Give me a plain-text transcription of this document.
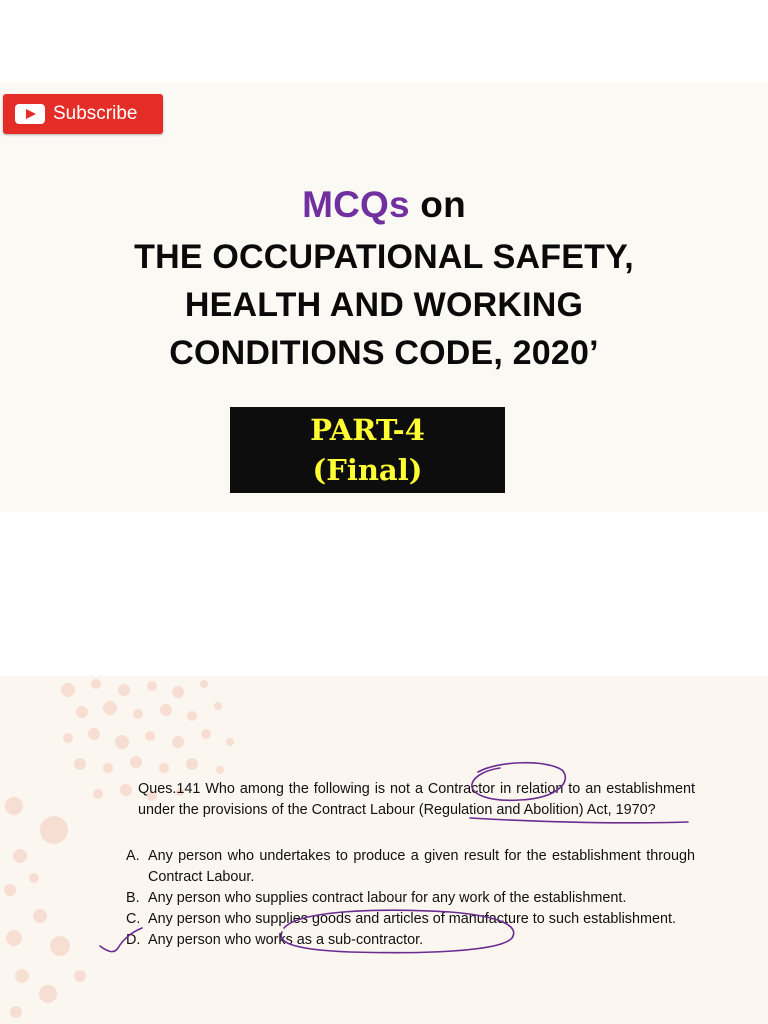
Subscribe
MCQs on
THE OCCUPATIONAL SAFETY,
HEALTH AND WORKING
CONDITIONS CODE, 2020’
PART-4
(Final)

Ques.141 Who among the following is not a Contractor in relation to an establishment under the provisions of the Contract Labour (Regulation and Abolition) Act, 1970?

A. Any person who undertakes to produce a given result for the establishment through Contract Labour.
B. Any person who supplies contract labour for any work of the establishment.
C. Any person who supplies goods and articles of manufacture to such establishment.
D. Any person who works as a sub-contractor.
